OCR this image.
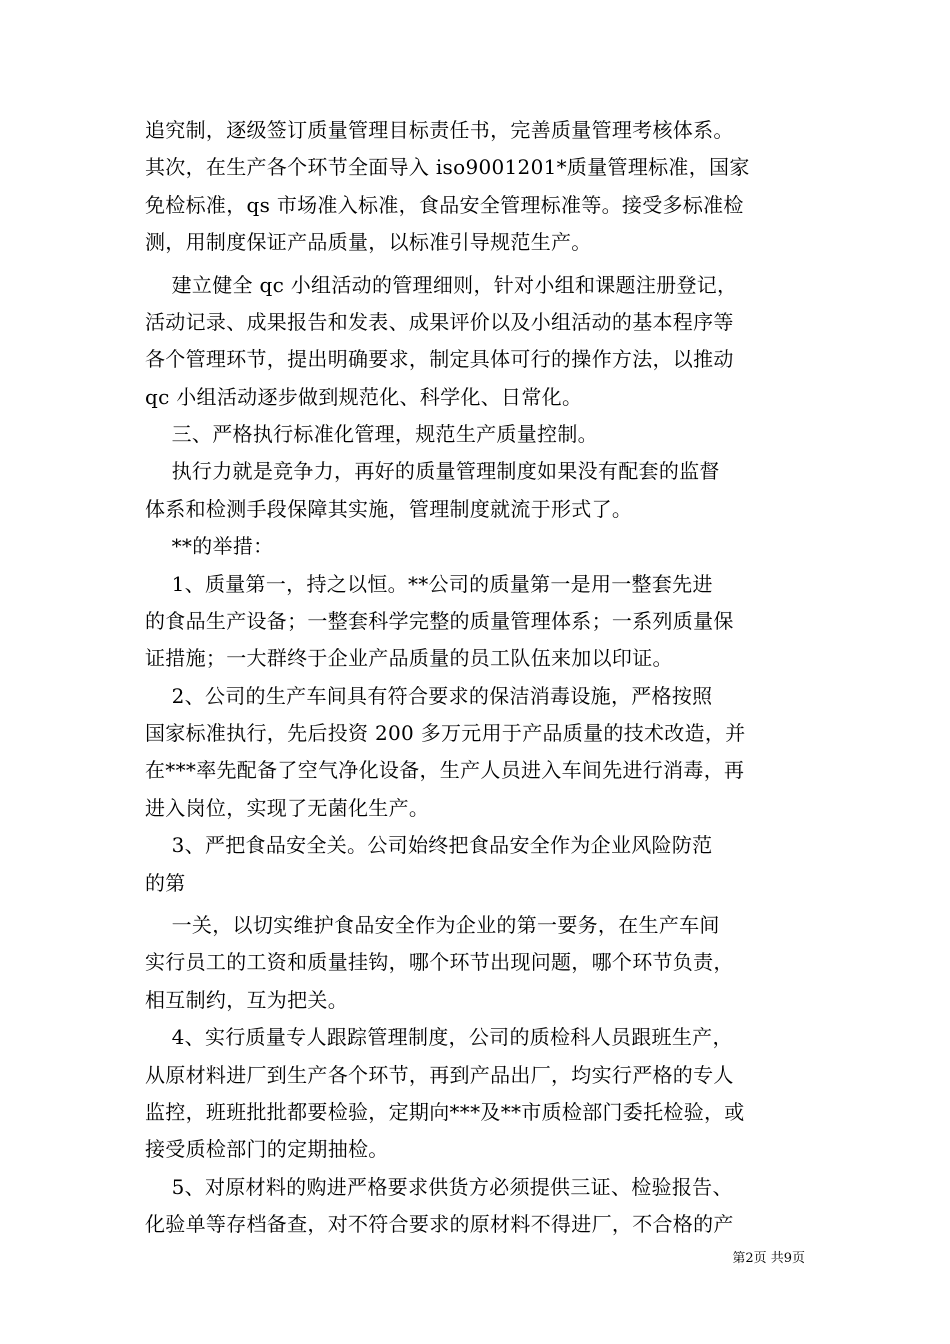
追究制，逐级签订质量管理目标责任书，完善质量管理考核体系。
其次，在生产各个环节全面导入 iso9001201*质量管理标准，国家
免检标准，qs 市场准入标准，食品安全管理标准等。接受多标准检
测，用制度保证产品质量，以标准引导规范生产。
建立健全 qc 小组活动的管理细则，针对小组和课题注册登记，
活动记录、成果报告和发表、成果评价以及小组活动的基本程序等
各个管理环节，提出明确要求，制定具体可行的操作方法，以推动
qc 小组活动逐步做到规范化、科学化、日常化。
三、严格执行标准化管理，规范生产质量控制。
执行力就是竞争力，再好的质量管理制度如果没有配套的监督
体系和检测手段保障其实施，管理制度就流于形式了。
**的举措：
1、质量第一，持之以恒。**公司的质量第一是用一整套先进
的食品生产设备；一整套科学完整的质量管理体系；一系列质量保
证措施；一大群终于企业产品质量的员工队伍来加以印证。
2、公司的生产车间具有符合要求的保洁消毒设施，严格按照
国家标准执行，先后投资 200 多万元用于产品质量的技术改造，并
在***率先配备了空气净化设备，生产人员进入车间先进行消毒，再
进入岗位，实现了无菌化生产。
3、严把食品安全关。公司始终把食品安全作为企业风险防范
的第
一关，以切实维护食品安全作为企业的第一要务，在生产车间
实行员工的工资和质量挂钩，哪个环节出现问题，哪个环节负责，
相互制约，互为把关。
4、实行质量专人跟踪管理制度，公司的质检科人员跟班生产，
从原材料进厂到生产各个环节，再到产品出厂，均实行严格的专人
监控，班班批批都要检验，定期向***及**市质检部门委托检验，或
接受质检部门的定期抽检。
5、对原材料的购进严格要求供货方必须提供三证、检验报告、
化验单等存档备查，对不符合要求的原材料不得进厂，不合格的产
第2页 共9页
